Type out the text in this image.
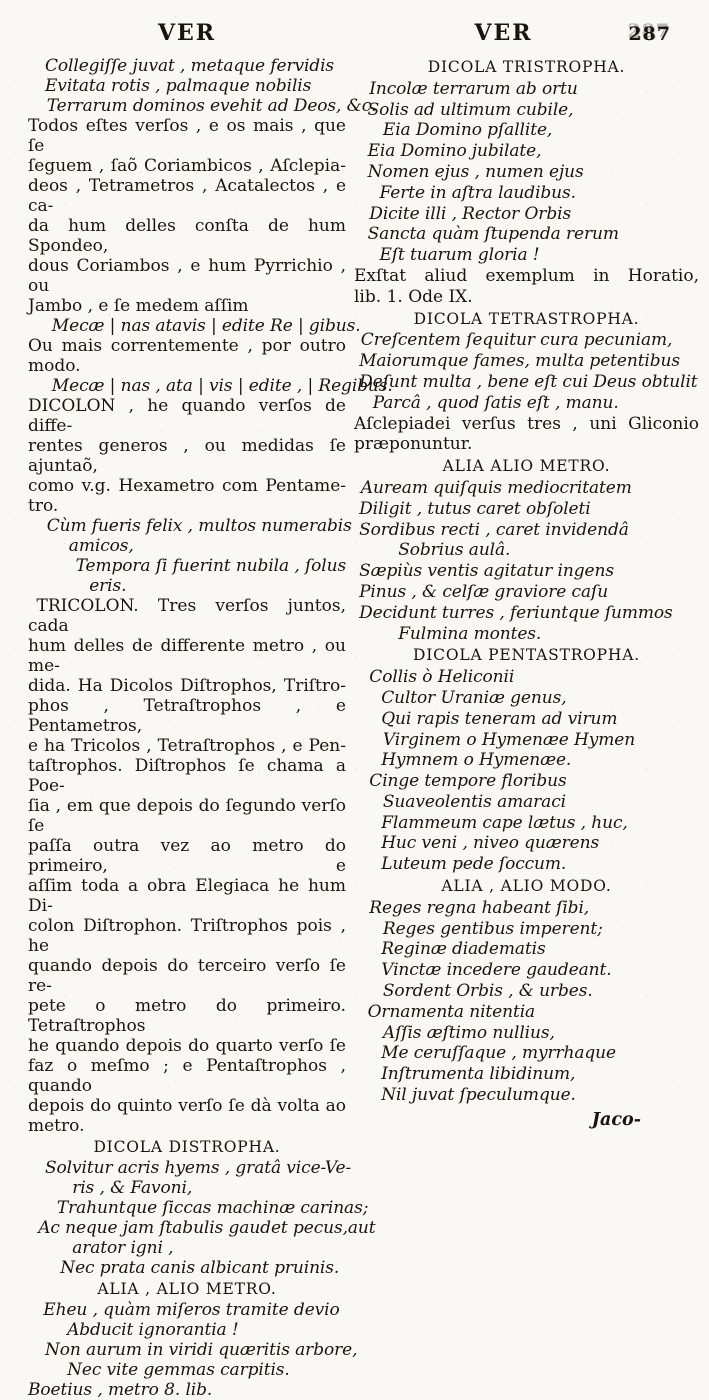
VER	VER	287
Collegiſſe juvat , metaque fervidis
Evitata rotis , palmaque nobilis
Terrarum dominos evehit ad Deos, &c.
Todos eſtes verſos , e os mais , que ſe
ſeguem , ſaõ Coriambicos , Aſclepia-
deos , Tetrametros , Acatalectos , e ca-
da hum delles conſta de hum Spondeo,
dous Coriambos , e hum Pyrrichio , ou
Jambo , e ſe medem aſſim
Mecæ | nas atavis | edite Re | gibus.
Ou mais correntemente , por outro
modo.
Mecæ | nas , ata | vis | edite , | Regibus.
DICOLON , he quando verſos de diffe-
rentes generos , ou medidas ſe ajuntaõ,
como v.g. Hexametro com Pentame-
tro.
Cùm fueris felix , multos numerabis
amicos,
Tempora ſi fuerint nubila , ſolus
eris.
TRICOLON. Tres verſos juntos, cada
hum delles de differente metro , ou me-
dida. Ha Dicolos Diſtrophos, Triſtro-
phos , Tetraſtrophos , e Pentametros,
e ha Tricolos , Tetraſtrophos , e Pen-
taſtrophos. Diſtrophos ſe chama a Poe-
ſia , em que depois do ſegundo verſo ſe
paſſa outra vez ao metro do primeiro, e
aſſim toda a obra Elegiaca he hum Di-
colon Diſtrophon. Triſtrophos pois , he
quando depois do terceiro verſo ſe re-
pete o metro do primeiro. Tetraſtrophos
he quando depois do quarto verſo ſe
faz o meſmo ; e Pentaſtrophos , quando
depois do quinto verſo ſe dà volta ao
metro.
DICOLA DISTROPHA.
Solvitur acris hyems , gratâ vice-Ve-
ris , & Favoni,
Trahuntque ſiccas machinæ carinas;
Ac neque jam ſtabulis gaudet pecus,aut
arator igni ,
Nec prata canis albicant pruinis.
ALIA , ALIO METRO.
Eheu , quàm miſeros tramite devio
Abducit ignorantia !
Non aurum in viridi quæritis arbore,
Nec vite gemmas carpitis.
Boetius , metro 8. lib.
DICOLA TRISTROPHA.
Incolæ terrarum ab ortu
Solis ad ultimum cubile,
Eia Domino pſallite,
Eia Domino jubilate,
Nomen ejus , numen ejus
Ferte in aſtra laudibus.
Dicite illi , Rector Orbis
Sancta quàm ſtupenda rerum
Eſt tuarum gloria !
Exſtat aliud exemplum in Horatio,
lib. 1. Ode IX.
DICOLA TETRASTROPHA.
Creſcentem ſequitur cura pecuniam,
Maiorumque fames, multa petentibus
Deſunt multa , bene eſt cui Deus obtulit
Parcâ , quod ſatis eſt , manu.
Aſclepiadei verſus tres , uni Gliconio
præponuntur.
ALIA ALIO METRO.
Auream quiſquis mediocritatem
Diligit , tutus caret obſoleti
Sordibus recti , caret invidendâ
Sobrius aulâ.
Sæpiùs ventis agitatur ingens
Pinus , & celſæ graviore caſu
Decidunt turres , feriuntque ſummos
Fulmina montes.
DICOLA PENTASTROPHA.
Collis ò Heliconii
Cultor Uraniæ genus,
Qui rapis teneram ad virum
Virginem o Hymenæe Hymen
Hymnem o Hymenæe.
Cinge tempore floribus
Suaveolentis amaraci
Flammeum cape lætus , huc,
Huc veni , niveo quærens
Luteum pede ſoccum.
ALIA , ALIO MODO.
Reges regna habeant ſibi,
Reges gentibus imperent;
Reginæ diadematis
Vinctæ incedere gaudeant.
Sordent Orbis , & urbes.
Ornamenta nitentia
Aſſis æſtimo nullius,
Me ceruſſaque , myrrhaque
Inſtrumenta libidinum,
Nil juvat ſpeculumque.
Jaco-
